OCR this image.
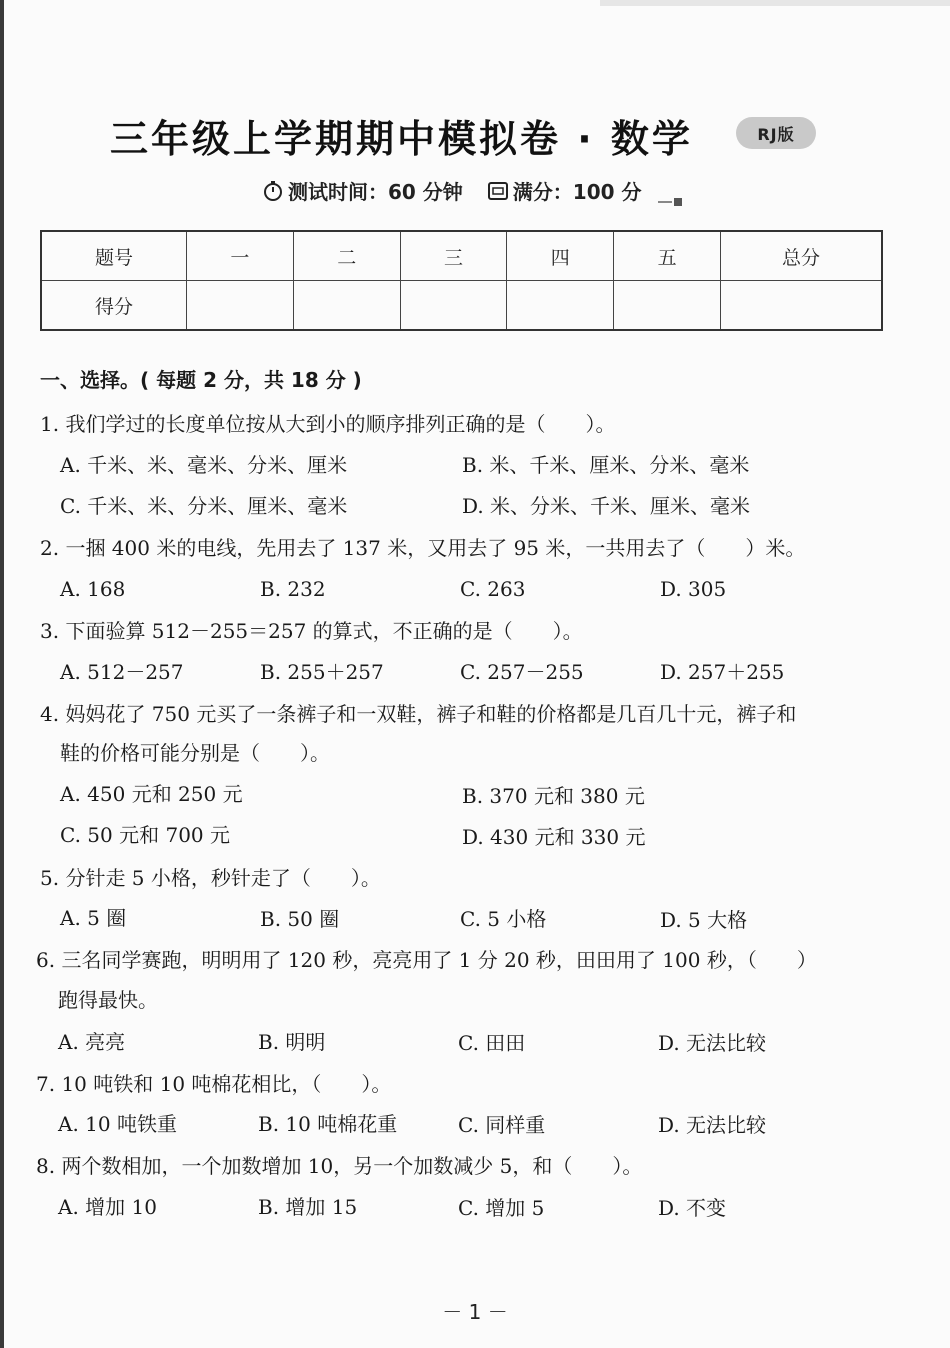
三年级上学期期中模拟卷 · 数学	RJ版
测试时间：60 分钟	满分：100 分
题号	一	二	三	四	五	总分
得分						
一、选择。( 每题 2 分，共 18 分 )
1. 我们学过的长度单位按从大到小的顺序排列正确的是（　　）。
A. 千米、米、毫米、分米、厘米	B. 米、千米、厘米、分米、毫米
C. 千米、米、分米、厘米、毫米	D. 米、分米、千米、厘米、毫米
2. 一捆 400 米的电线，先用去了 137 米，又用去了 95 米，一共用去了（　　）米。
A. 168	B. 232	C. 263	D. 305
3. 下面验算 512－255＝257 的算式，不正确的是（　　）。
A. 512－257	B. 255＋257	C. 257－255	D. 257＋255
4. 妈妈花了 750 元买了一条裤子和一双鞋，裤子和鞋的价格都是几百几十元，裤子和
鞋的价格可能分别是（　　）。
A. 450 元和 250 元	B. 370 元和 380 元
C. 50 元和 700 元	D. 430 元和 330 元
5. 分针走 5 小格，秒针走了（　　）。
A. 5 圈	B. 50 圈	C. 5 小格	D. 5 大格
6. 三名同学赛跑，明明用了 120 秒，亮亮用了 1 分 20 秒，田田用了 100 秒，（　　）
跑得最快。
A. 亮亮	B. 明明	C. 田田	D. 无法比较
7. 10 吨铁和 10 吨棉花相比，（　　）。
A. 10 吨铁重	B. 10 吨棉花重	C. 同样重	D. 无法比较
8. 两个数相加，一个加数增加 10，另一个加数减少 5，和（　　）。
A. 增加 10	B. 增加 15	C. 增加 5	D. 不变
－ 1 －
